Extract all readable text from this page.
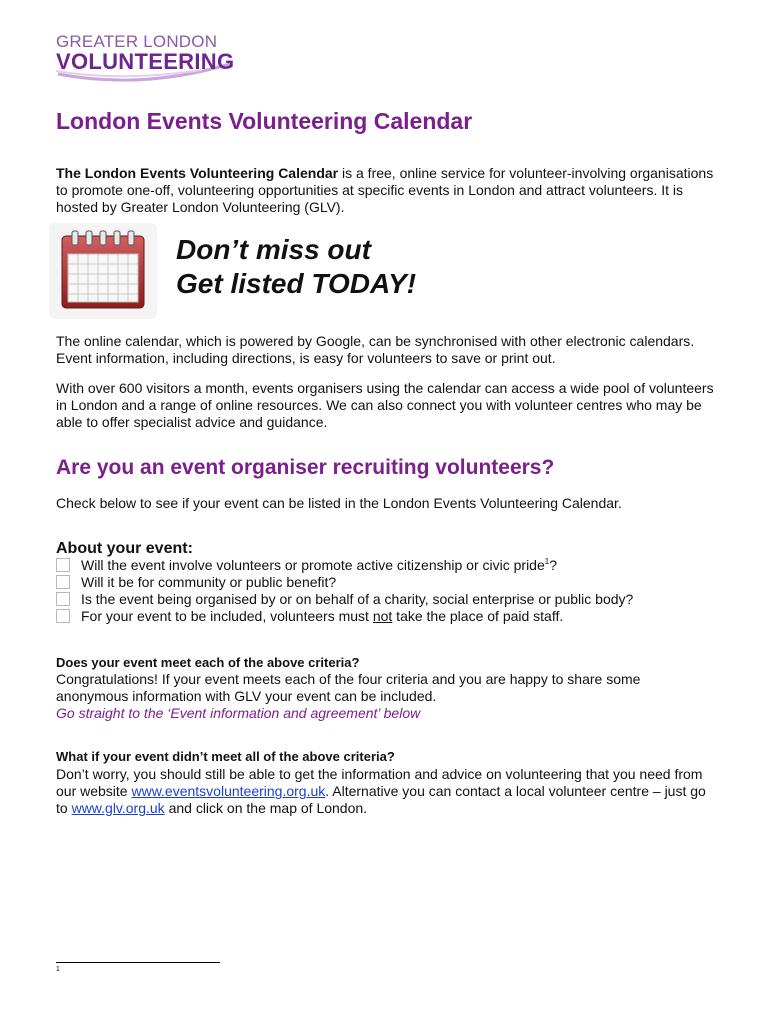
GREATER LONDON
VOLUNTEERING
London Events Volunteering Calendar

The London Events Volunteering Calendar is a free, online service for volunteer-involving organisations to promote one-off, volunteering opportunities at specific events in London and attract volunteers. It is hosted by Greater London Volunteering (GLV).

Don’t miss out
Get listed TODAY!

The online calendar, which is powered by Google, can be synchronised with other electronic calendars. Event information, including directions, is easy for volunteers to save or print out.

With over 600 visitors a month, events organisers using the calendar can access a wide pool of volunteers in London and a range of online resources. We can also connect you with volunteer centres who may be able to offer specialist advice and guidance.

Are you an event organiser recruiting volunteers?

Check below to see if your event can be listed in the London Events Volunteering Calendar.

About your event:
Will the event involve volunteers or promote active citizenship or civic pride$^1$?
Will it be for community or public benefit?
Is the event being organised by or on behalf of a charity, social enterprise or public body?
For your event to be included, volunteers must not take the place of paid staff.
Does your event meet each of the above criteria?

Congratulations! If your event meets each of the four criteria and you are happy to share some anonymous information with GLV your event can be included.

Go straight to the ‘Event information and agreement’ below
What if your event didn’t meet all of the above criteria?

Don’t worry, you should still be able to get the information and advice on volunteering that you need from our website www.eventsvolunteering.org.uk. Alternative you can contact a local volunteer centre – just go to www.glv.org.uk and click on the map of London.

1
